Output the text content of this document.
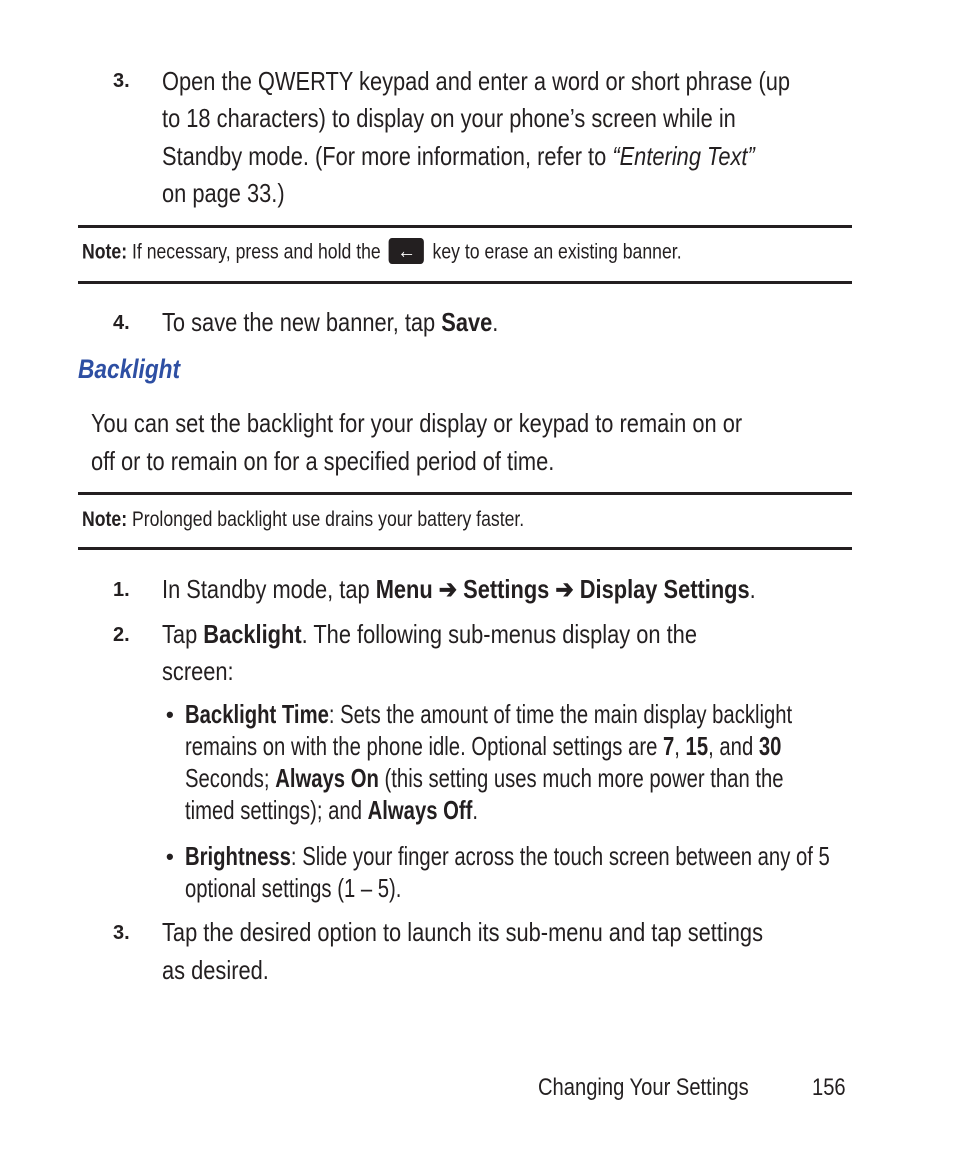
3. Open the QWERTY keypad and enter a word or short phrase (up
to 18 characters) to display on your phone’s screen while in
Standby mode. (For more information, refer to “Entering Text”
on page 33.)
Note: If necessary, press and hold the ← key to erase an existing banner.
4. To save the new banner, tap Save.
Backlight
You can set the backlight for your display or keypad to remain on or
off or to remain on for a specified period of time.
Note: Prolonged backlight use drains your battery faster.
1. In Standby mode, tap Menu ➔ Settings ➔ Display Settings.
2. Tap Backlight. The following sub-menus display on the
screen:
• Backlight Time: Sets the amount of time the main display backlight
remains on with the phone idle. Optional settings are 7, 15, and 30
Seconds; Always On (this setting uses much more power than the
timed settings); and Always Off.
• Brightness: Slide your finger across the touch screen between any of 5
optional settings (1 – 5).
3. Tap the desired option to launch its sub-menu and tap settings
as desired.
Changing Your Settings	156
